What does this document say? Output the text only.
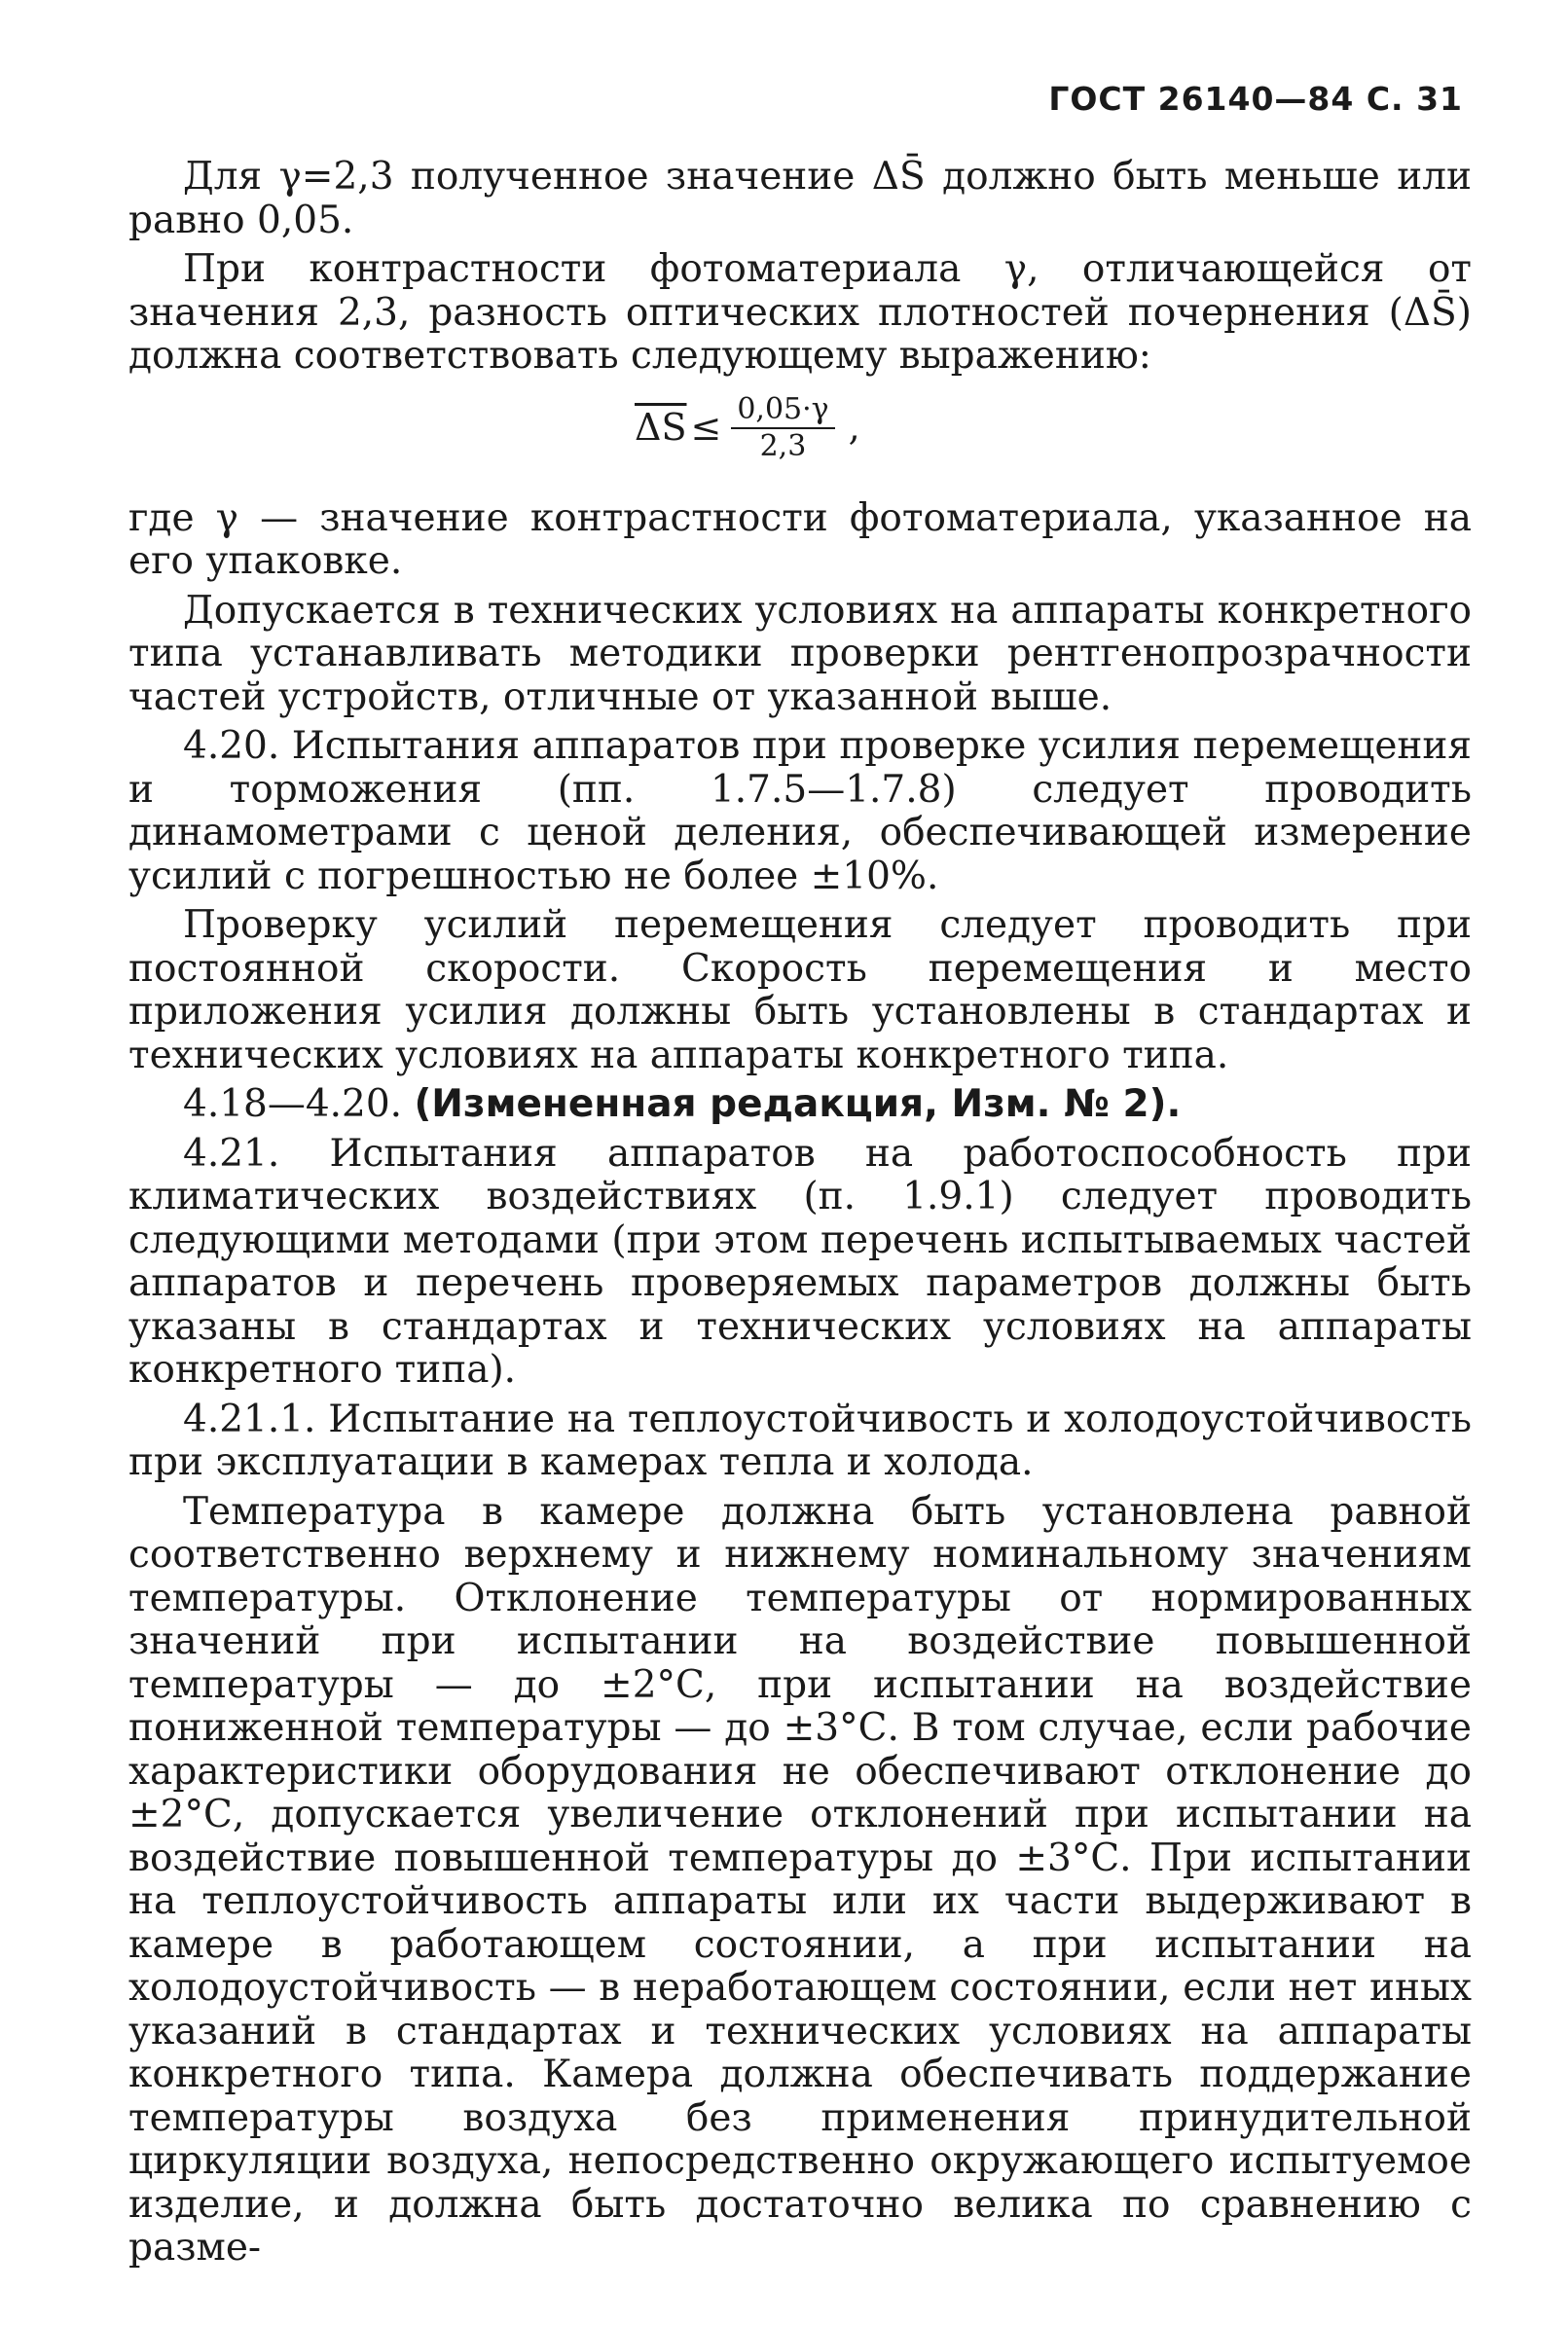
ГОСТ 26140—84 С. 31

Для γ=2,3 полученное значение ΔS̄ должно быть меньше или равно 0,05.

При контрастности фотоматериала γ, отличающейся от значения 2,3, разность оптических плотностей почернения (ΔS̄) должна соответствовать следующему выражению:

$\overline{\Delta S} \le \frac{0,05\cdot\gamma}{2,3}$ ,

где γ — значение контрастности фотоматериала, указанное на его упаковке.

Допускается в технических условиях на аппараты конкретного типа устанавливать методики проверки рентгенопрозрачности частей устройств, отличные от указанной выше.

4.20. Испытания аппаратов при проверке усилия перемещения и торможения (пп. 1.7.5—1.7.8) следует проводить динамометрами с ценой деления, обеспечивающей измерение усилий с погрешностью не более ±10%.

Проверку усилий перемещения следует проводить при постоянной скорости. Скорость перемещения и место приложения усилия должны быть установлены в стандартах и технических условиях на аппараты конкретного типа.

4.18—4.20. (Измененная редакция, Изм. № 2).

4.21. Испытания аппаратов на работоспособность при климатических воздействиях (п. 1.9.1) следует проводить следующими методами (при этом перечень испытываемых частей аппаратов и перечень проверяемых параметров должны быть указаны в стандартах и технических условиях на аппараты конкретного типа).

4.21.1. Испытание на теплоустойчивость и холодоустойчивость при эксплуатации в камерах тепла и холода.

Температура в камере должна быть установлена равной соответственно верхнему и нижнему номинальному значениям температуры. Отклонение температуры от нормированных значений при испытании на воздействие повышенной температуры — до ±2°С, при испытании на воздействие пониженной температуры — до ±3°С. В том случае, если рабочие характеристики оборудования не обеспечивают отклонение до ±2°С, допускается увеличение отклонений при испытании на воздействие повышенной температуры до ±3°С. При испытании на теплоустойчивость аппараты или их части выдерживают в камере в работающем состоянии, а при испытании на холодоустойчивость — в неработающем состоянии, если нет иных указаний в стандартах и технических условиях на аппараты конкретного типа. Камера должна обеспечивать поддержание температуры воздуха без применения принудительной циркуляции воздуха, непосредственно окружающего испытуемое изделие, и должна быть достаточно велика по сравнению с разме-
